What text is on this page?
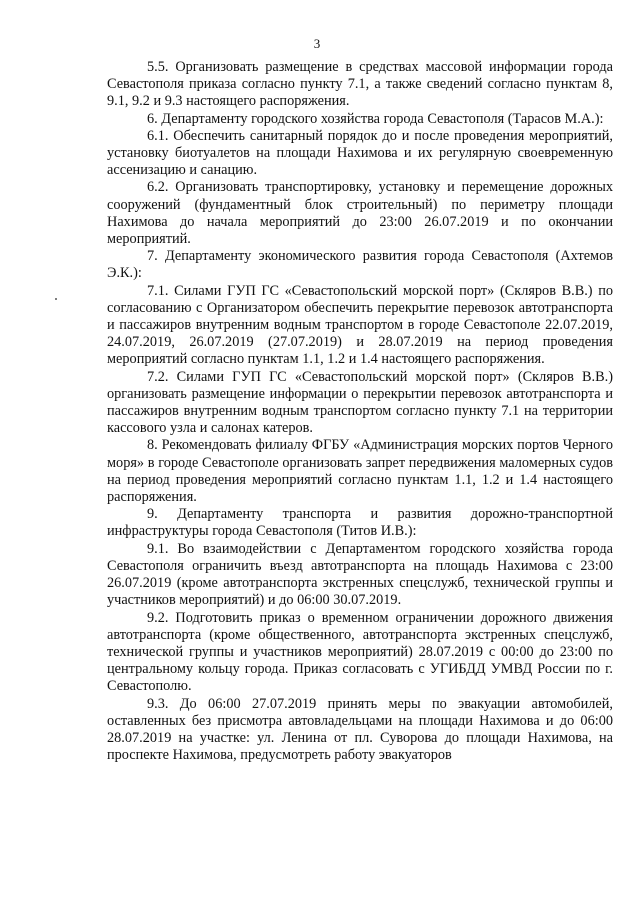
3

5.5. Организовать размещение в средствах массовой информации города Севастополя приказа согласно пункту 7.1, а также сведений согласно пунктам 8, 9.1, 9.2 и 9.3 настоящего распоряжения.

6. Департаменту городского хозяйства города Севастополя (Тарасов М.А.):

6.1. Обеспечить санитарный порядок до и после проведения мероприятий, установку биотуалетов на площади Нахимова и их регулярную своевременную ассенизацию и санацию.

6.2. Организовать транспортировку, установку и перемещение дорожных сооружений (фундаментный блок строительный) по периметру площади Нахимова до начала мероприятий до 23:00 26.07.2019 и по окончании мероприятий.

7. Департаменту экономического развития города Севастополя (Ахтемов Э.К.):

7.1. Силами ГУП ГС «Севастопольский морской порт» (Скляров В.В.) по согласованию с Организатором обеспечить перекрытие перевозок автотранспорта и пассажиров внутренним водным транспортом в городе Севастополе 22.07.2019, 24.07.2019, 26.07.2019 (27.07.2019) и 28.07.2019 на период проведения мероприятий согласно пунктам 1.1, 1.2 и 1.4 настоящего распоряжения.

7.2. Силами ГУП ГС «Севастопольский морской порт» (Скляров В.В.) организовать размещение информации о перекрытии перевозок автотранспорта и пассажиров внутренним водным транспортом согласно пункту 7.1 на территории кассового узла и салонах катеров.

8. Рекомендовать филиалу ФГБУ «Администрация морских портов Черного моря» в городе Севастополе организовать запрет передвижения маломерных судов на период проведения мероприятий согласно пунктам 1.1, 1.2 и 1.4 настоящего распоряжения.

9. Департаменту транспорта и развития дорожно-транспортной инфраструктуры города Севастополя (Титов И.В.):

9.1. Во взаимодействии с Департаментом городского хозяйства города Севастополя ограничить въезд автотранспорта на площадь Нахимова с 23:00 26.07.2019 (кроме автотранспорта экстренных спецслужб, технической группы и участников мероприятий) и до 06:00 30.07.2019.

9.2. Подготовить приказ о временном ограничении дорожного движения автотранспорта (кроме общественного, автотранспорта экстренных спецслужб, технической группы и участников мероприятий) 28.07.2019 с 00:00 до 23:00 по центральному кольцу города. Приказ согласовать с УГИБДД УМВД России по г. Севастополю.

9.3. До 06:00 27.07.2019 принять меры по эвакуации автомобилей, оставленных без присмотра автовладельцами на площади Нахимова и до 06:00 28.07.2019 на участке: ул. Ленина от пл. Суворова до площади Нахимова, на проспекте Нахимова, предусмотреть работу эвакуаторов
